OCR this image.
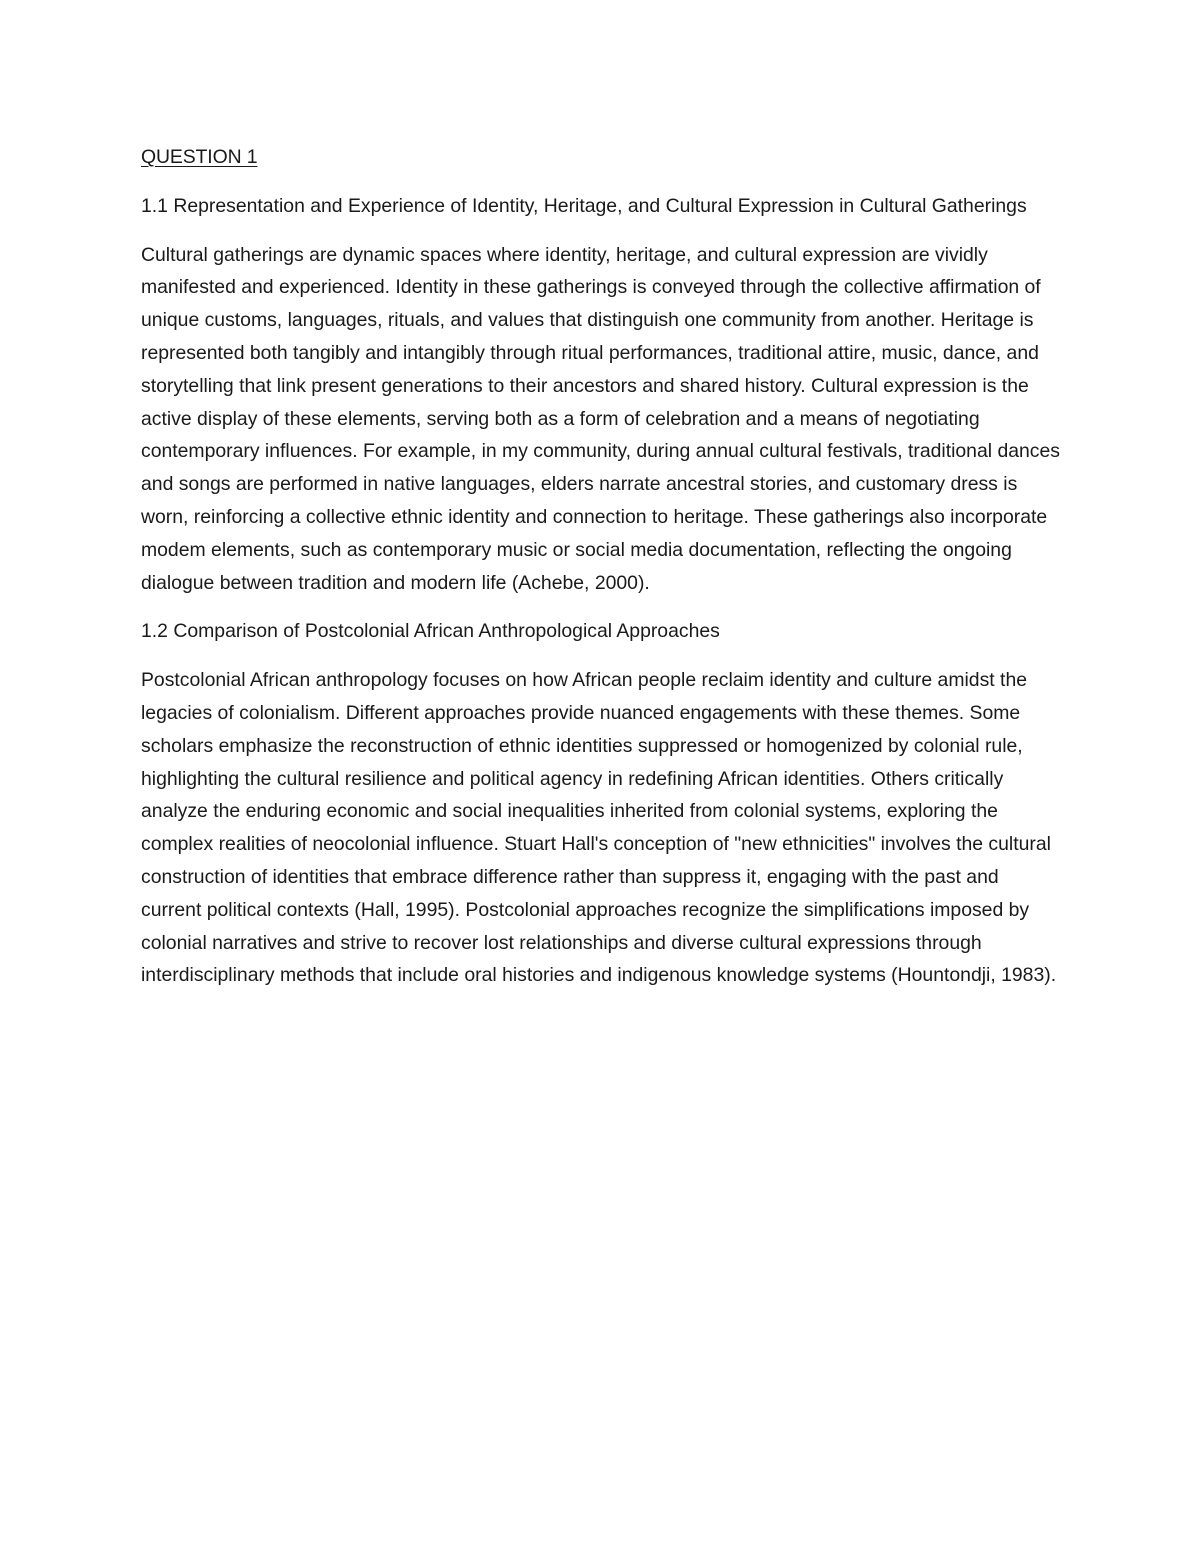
QUESTION 1
1.1 Representation and Experience of Identity, Heritage, and Cultural Expression in Cultural Gatherings

Cultural gatherings are dynamic spaces where identity, heritage, and cultural expression are vividly manifested and experienced. Identity in these gatherings is conveyed through the collective affirmation of unique customs, languages, rituals, and values that distinguish one community from another. Heritage is represented both tangibly and intangibly through ritual performances, traditional attire, music, dance, and storytelling that link present generations to their ancestors and shared history. Cultural expression is the active display of these elements, serving both as a form of celebration and a means of negotiating contemporary influences. For example, in my community, during annual cultural festivals, traditional dances and songs are performed in native languages, elders narrate ancestral stories, and customary dress is worn, reinforcing a collective ethnic identity and connection to heritage. These gatherings also incorporate modem elements, such as contemporary music or social media documentation, reflecting the ongoing dialogue between tradition and modern life (Achebe, 2000).

1.2 Comparison of Postcolonial African Anthropological Approaches

Postcolonial African anthropology focuses on how African people reclaim identity and culture amidst the legacies of colonialism. Different approaches provide nuanced engagements with these themes. Some scholars emphasize the reconstruction of ethnic identities suppressed or homogenized by colonial rule, highlighting the cultural resilience and political agency in redefining African identities. Others critically analyze the enduring economic and social inequalities inherited from colonial systems, exploring the complex realities of neocolonial influence. Stuart Hall's conception of "new ethnicities" involves the cultural construction of identities that embrace difference rather than suppress it, engaging with the past and current political contexts (Hall, 1995). Postcolonial approaches recognize the simplifications imposed by colonial narratives and strive to recover lost relationships and diverse cultural expressions through interdisciplinary methods that include oral histories and indigenous knowledge systems (Hountondji, 1983).
